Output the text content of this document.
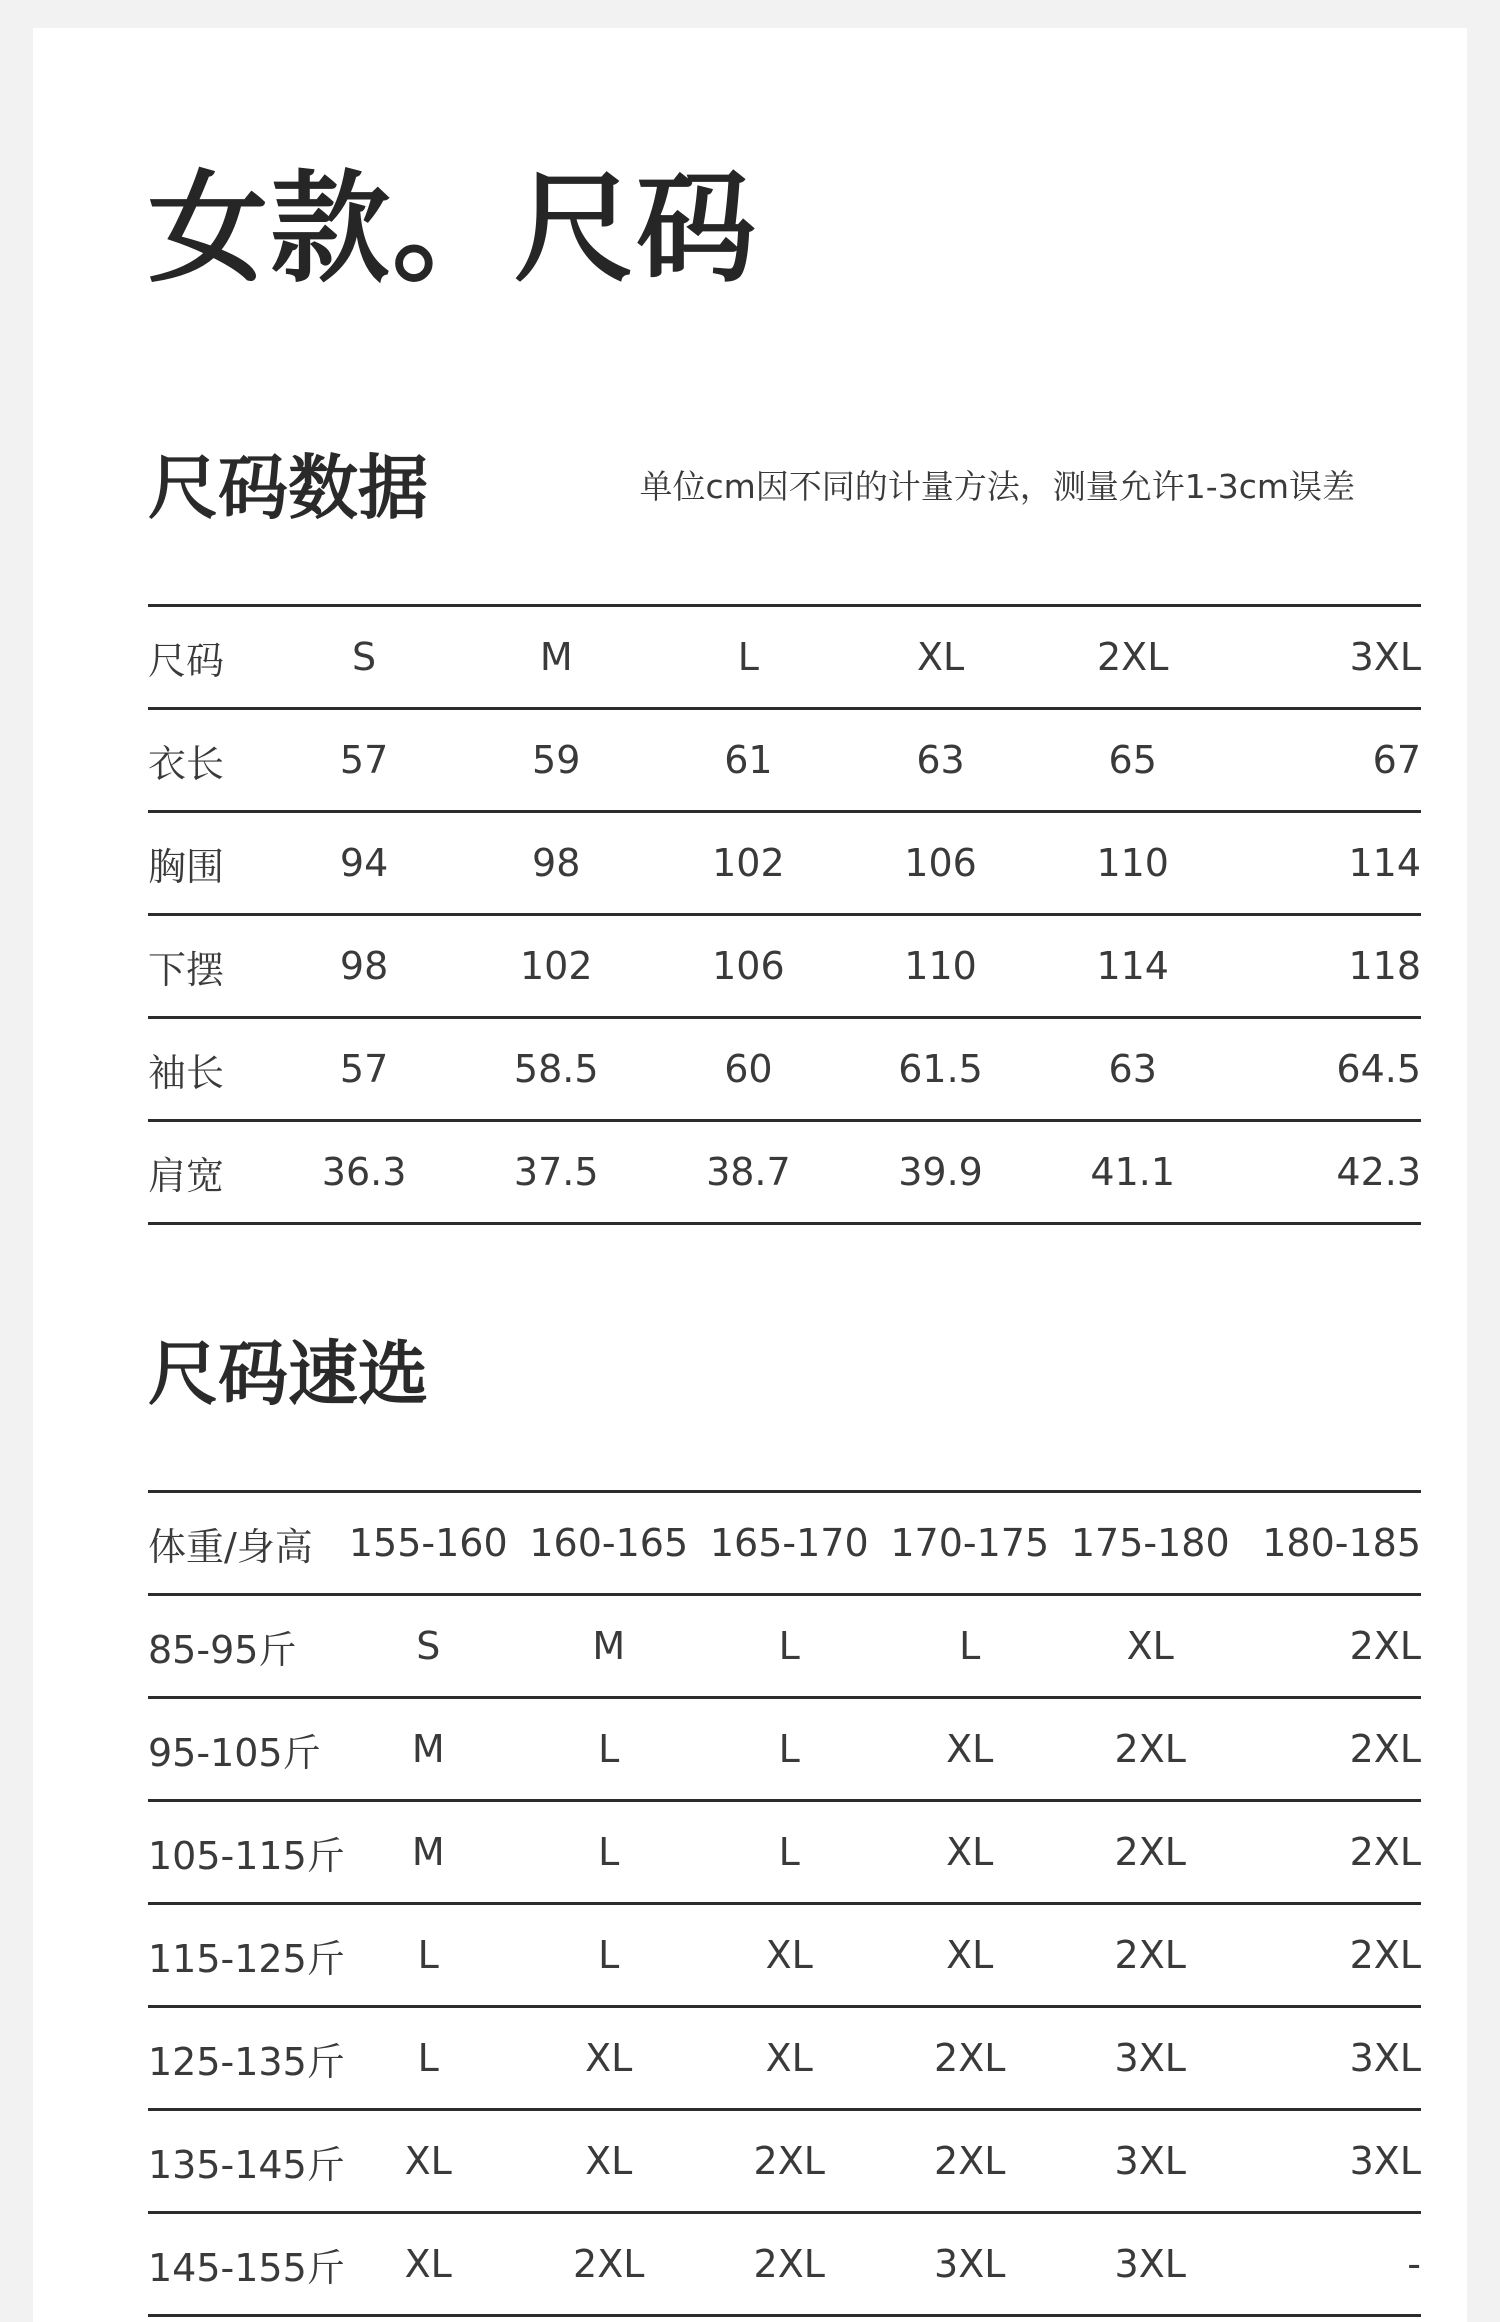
女款。尺码
尺码数据	单位cm因不同的计量方法，测量允许1-3cm误差
尺码	S	M	L	XL	2XL	3XL
衣长	57	59	61	63	65	67
胸围	94	98	102	106	110	114
下摆	98	102	106	110	114	118
袖长	57	58.5	60	61.5	63	64.5
肩宽	36.3	37.5	38.7	39.9	41.1	42.3
尺码速选
体重/身高	155-160	160-165	165-170	170-175	175-180	180-185
85-95斤	S	M	L	L	XL	2XL
95-105斤	M	L	L	XL	2XL	2XL
105-115斤	M	L	L	XL	2XL	2XL
115-125斤	L	L	XL	XL	2XL	2XL
125-135斤	L	XL	XL	2XL	3XL	3XL
135-145斤	XL	XL	2XL	2XL	3XL	3XL
145-155斤	XL	2XL	2XL	3XL	3XL	-
